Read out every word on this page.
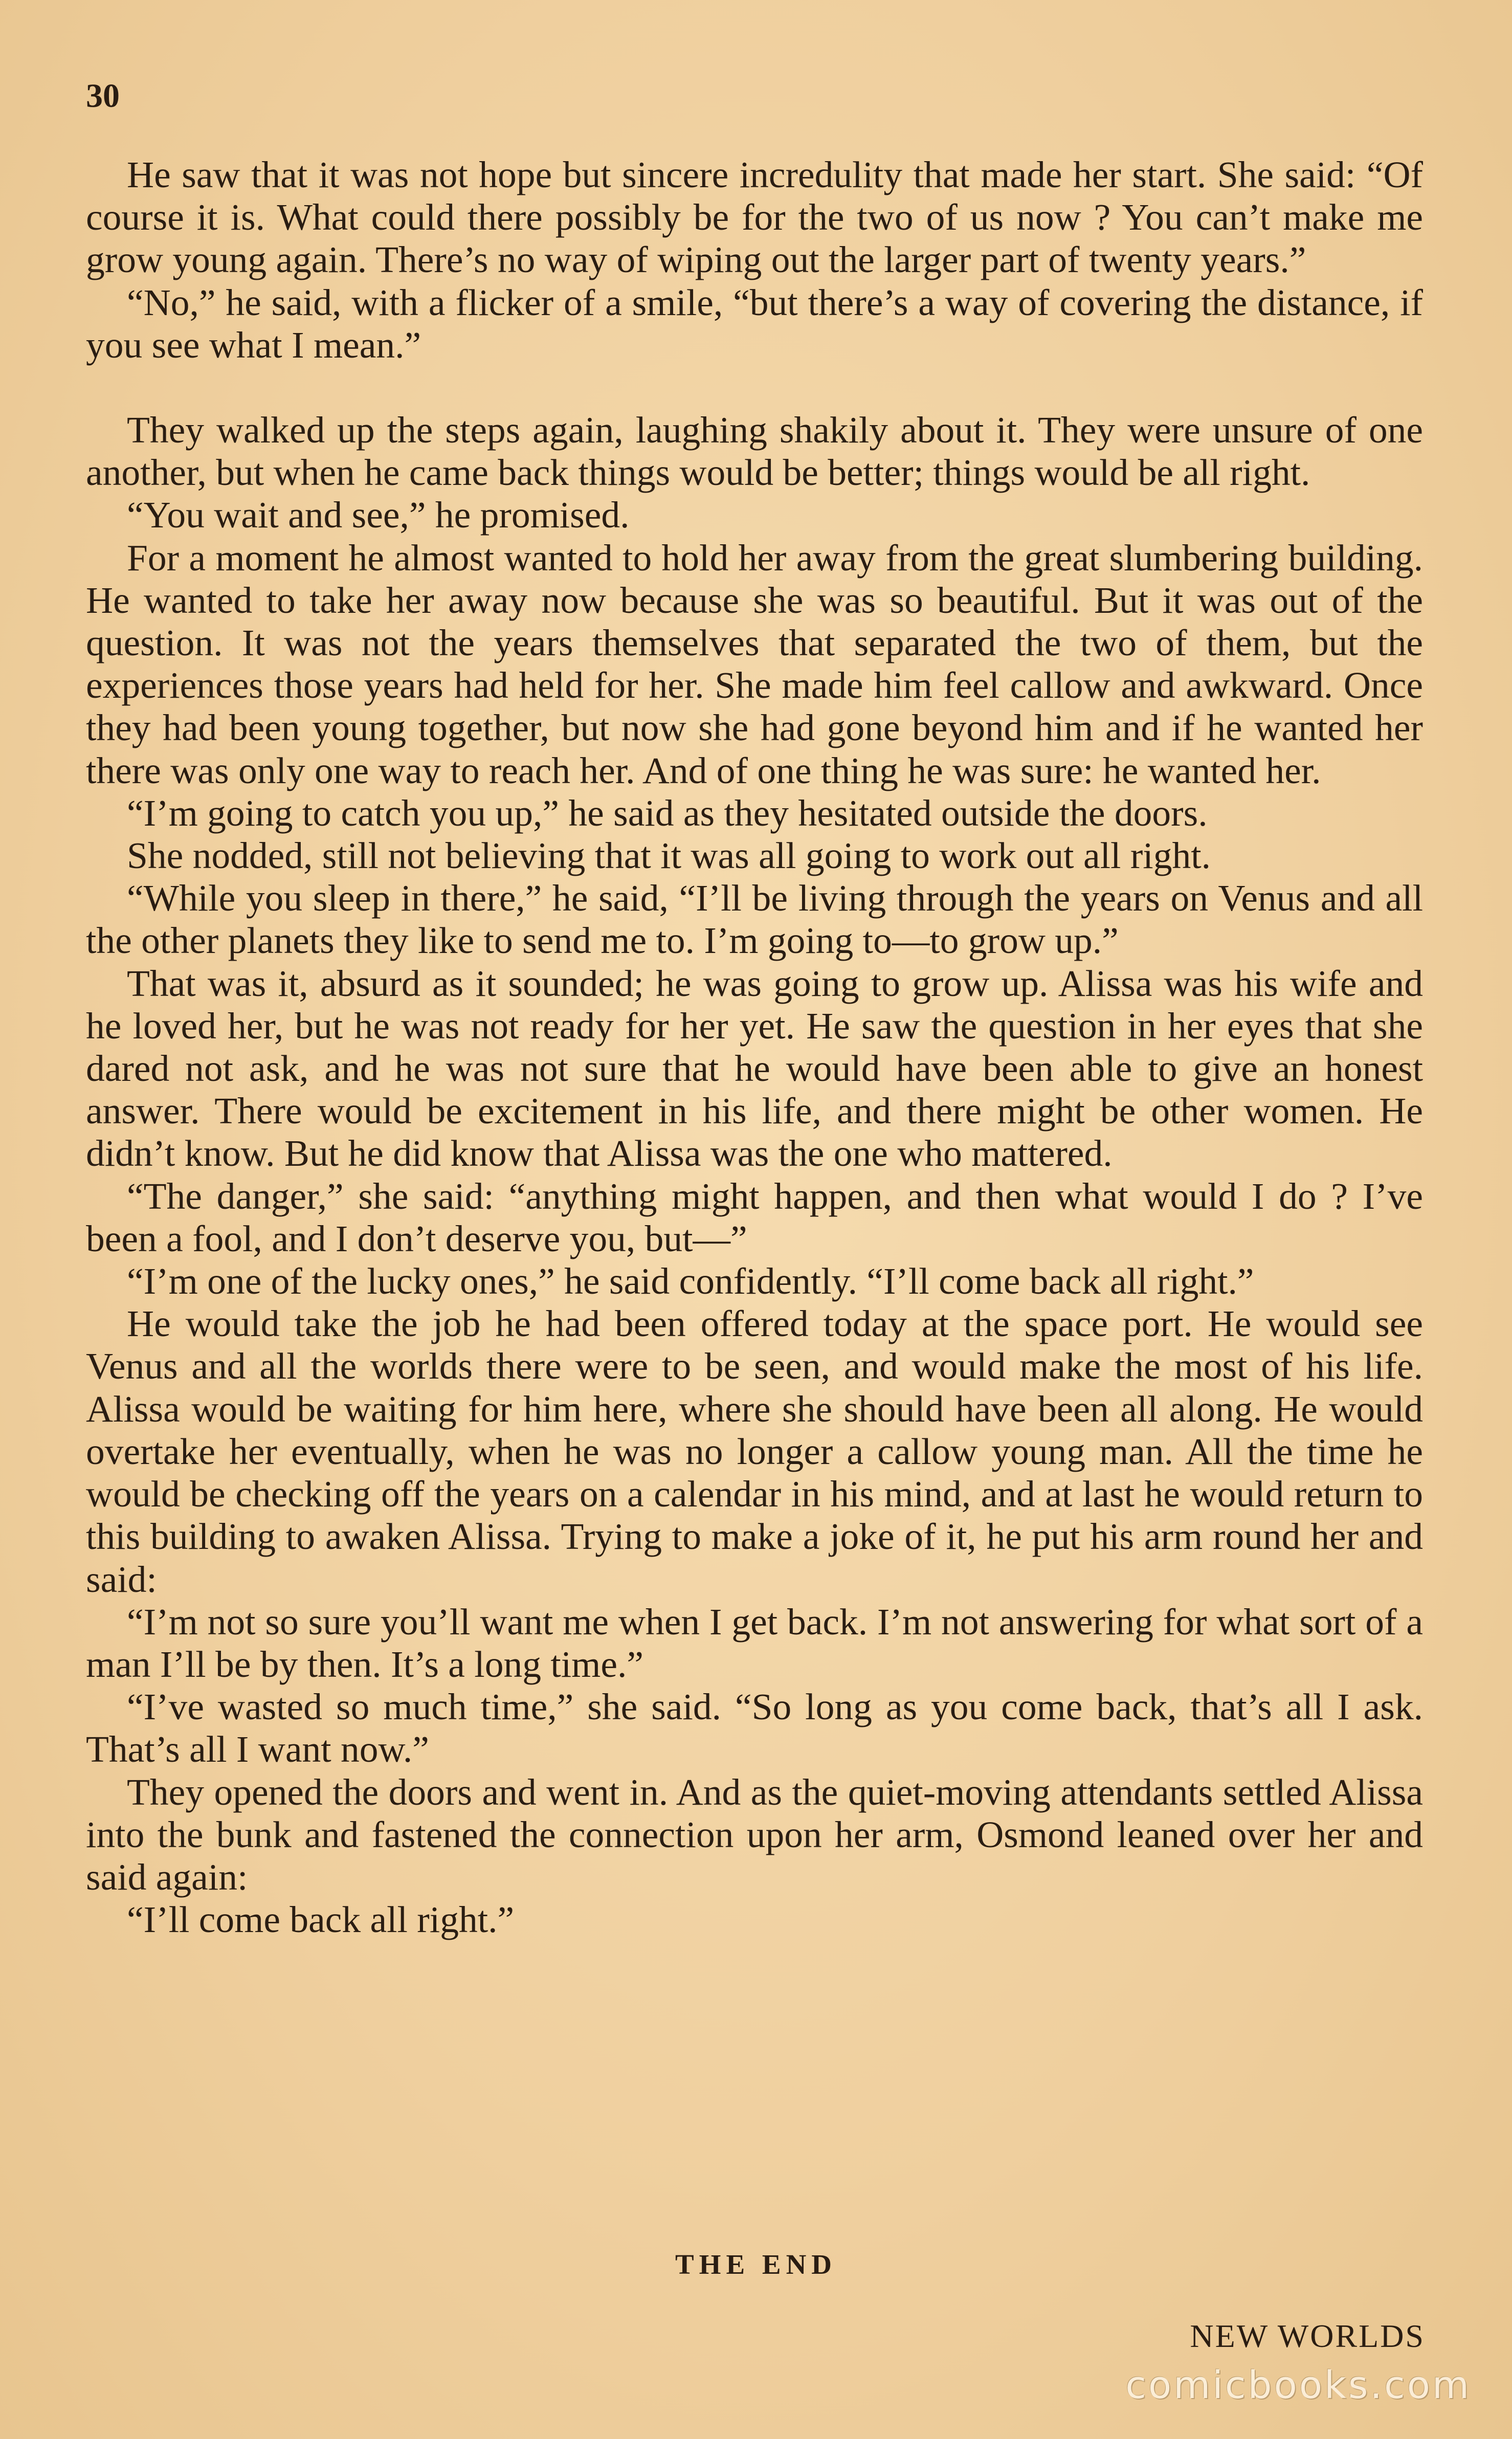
30

He saw that it was not hope but sincere incredulity that made her start. She said: “Of course it is. What could there possibly be for the two of us now ? You can’t make me grow young again. There’s no way of wiping out the larger part of twenty years.”

“No,” he said, with a flicker of a smile, “but there’s a way of covering the distance, if you see what I mean.”

They walked up the steps again, laughing shakily about it. They were unsure of one another, but when he came back things would be better; things would be all right.

“You wait and see,” he promised.

For a moment he almost wanted to hold her away from the great slumbering building. He wanted to take her away now because she was so beautiful. But it was out of the question. It was not the years themselves that separated the two of them, but the experiences those years had held for her. She made him feel callow and awkward. Once they had been young together, but now she had gone beyond him and if he wanted her there was only one way to reach her. And of one thing he was sure: he wanted her.

“I’m going to catch you up,” he said as they hesitated outside the doors.

She nodded, still not believing that it was all going to work out all right.

“While you sleep in there,” he said, “I’ll be living through the years on Venus and all the other planets they like to send me to. I’m going to—to grow up.”

That was it, absurd as it sounded; he was going to grow up. Alissa was his wife and he loved her, but he was not ready for her yet. He saw the question in her eyes that she dared not ask, and he was not sure that he would have been able to give an honest answer. There would be excitement in his life, and there might be other women. He didn’t know. But he did know that Alissa was the one who mattered.

“The danger,” she said: “anything might happen, and then what would I do ? I’ve been a fool, and I don’t deserve you, but—”

“I’m one of the lucky ones,” he said confidently. “I’ll come back all right.”

He would take the job he had been offered today at the space port. He would see Venus and all the worlds there were to be seen, and would make the most of his life. Alissa would be waiting for him here, where she should have been all along. He would overtake her eventually, when he was no longer a callow young man. All the time he would be checking off the years on a calendar in his mind, and at last he would return to this building to awaken Alissa. Trying to make a joke of it, he put his arm round her and said:

“I’m not so sure you’ll want me when I get back. I’m not answering for what sort of a man I’ll be by then. It’s a long time.”

“I’ve wasted so much time,” she said. “So long as you come back, that’s all I ask. That’s all I want now.”

They opened the doors and went in. And as the quiet-moving attendants settled Alissa into the bunk and fastened the connection upon her arm, Osmond leaned over her and said again:

“I’ll come back all right.”

THE END
NEW WORLDS
comicbooks.com
